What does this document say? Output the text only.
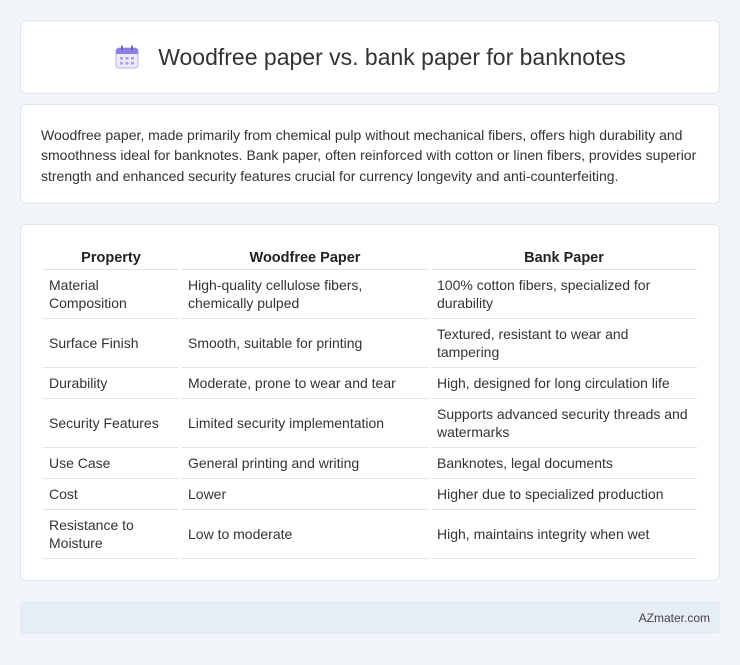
Woodfree paper vs. bank paper for banknotes

Woodfree paper, made primarily from chemical pulp without mechanical fibers, offers high durability and smoothness ideal for banknotes. Bank paper, often reinforced with cotton or linen fibers, provides superior strength and enhanced security features crucial for currency longevity and anti-counterfeiting.

Property	Woodfree Paper	Bank Paper
Material Composition	High-quality cellulose fibers, chemically pulped	100% cotton fibers, specialized for durability
Surface Finish	Smooth, suitable for printing	Textured, resistant to wear and tampering
Durability	Moderate, prone to wear and tear	High, designed for long circulation life
Security Features	Limited security implementation	Supports advanced security threads and watermarks
Use Case	General printing and writing	Banknotes, legal documents
Cost	Lower	Higher due to specialized production
Resistance to Moisture	Low to moderate	High, maintains integrity when wet
AZmater.com
